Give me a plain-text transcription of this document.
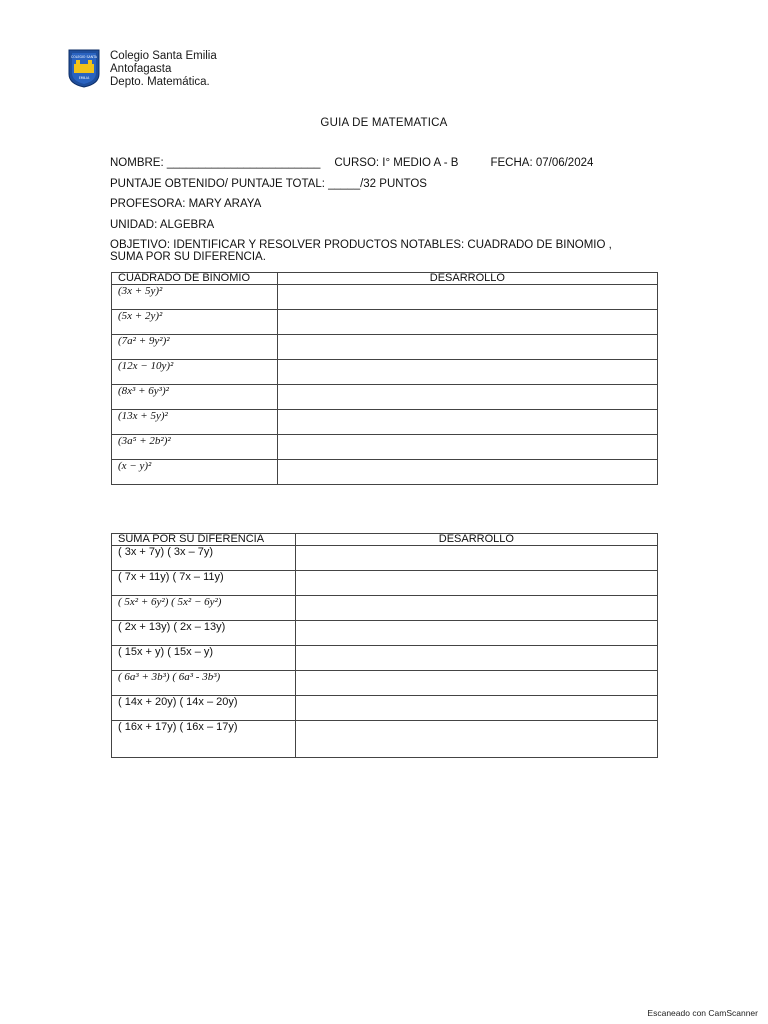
COLEGIO SANTA
EMILIA
Colegio Santa Emilia
Antofagasta
Depto. Matemática.
GUIA DE MATEMATICA
NOMBRE: ________________________ CURSO: I° MEDIO A - B	FECHA: 07/06/2024
PUNTAJE OBTENIDO/ PUNTAJE TOTAL: _____/32 PUNTOS
PROFESORA: MARY ARAYA
UNIDAD: ALGEBRA
OBJETIVO: IDENTIFICAR Y RESOLVER PRODUCTOS NOTABLES: CUADRADO DE BINOMIO ,
SUMA POR SU DIFERENCIA.
CUADRADO DE BINOMIO	DESARROLLO
(3x + 5y)²	
(5x + 2y)²	
(7a² + 9y²)²	
(12x − 10y)²	
(8x³ + 6y³)²	
(13x + 5y)²	
(3a⁵ + 2b²)²	
(x − y)²	
SUMA POR SU DIFERENCIA	DESARROLLO
( 3x + 7y) ( 3x – 7y)	
( 7x + 11y) ( 7x – 11y)	
( 5x² + 6y²) ( 5x² − 6y²)	
( 2x + 13y) ( 2x – 13y)	
( 15x + y) ( 15x – y)	
( 6a³ + 3b³) ( 6a³ - 3b³)	
( 14x + 20y) ( 14x – 20y)	
( 16x + 17y) ( 16x – 17y)	
Escaneado con CamScanner
